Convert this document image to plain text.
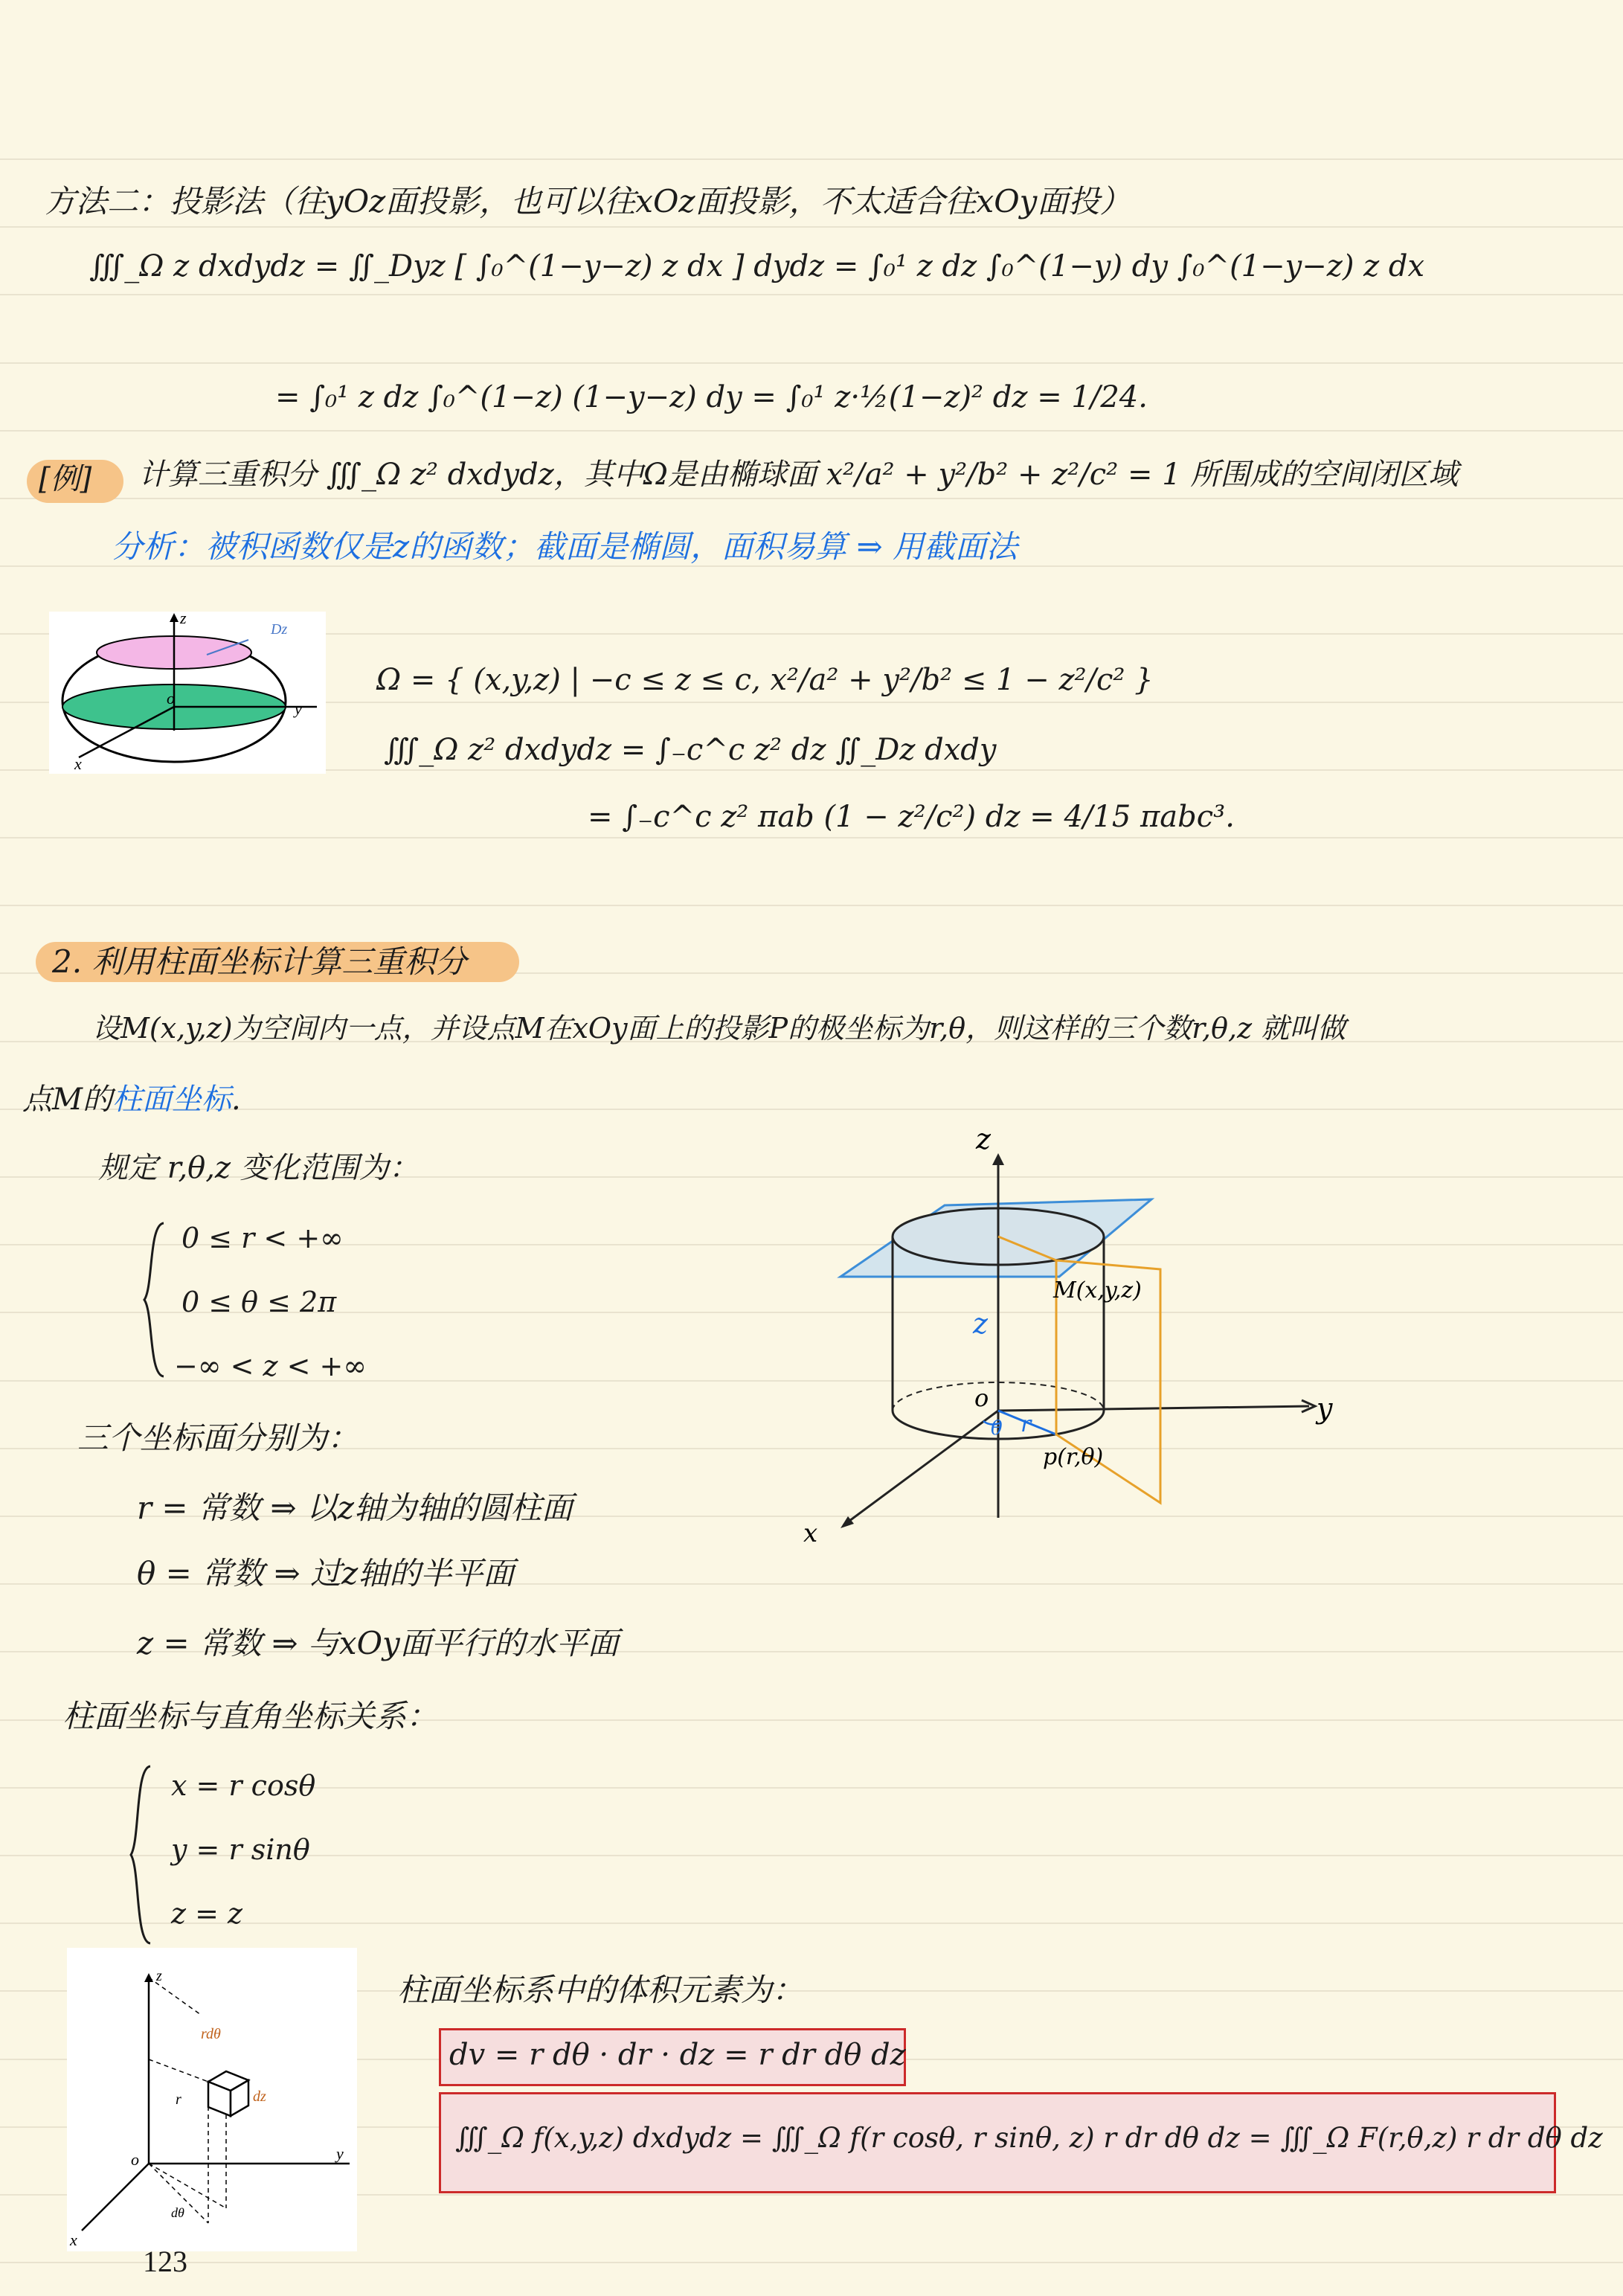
方法二：投影法（往yOz面投影，也可以往xOz面投影，不太适合往xOy面投）
∭_Ω z dxdydz = ∬_Dyz [ ∫₀^(1−y−z) z dx ] dydz = ∫₀¹ z dz ∫₀^(1−y) dy ∫₀^(1−y−z) z dx
= ∫₀¹ z dz ∫₀^(1−z) (1−y−z) dy = ∫₀¹ z·½(1−z)² dz = 1/24.
[例] 计算三重积分 ∭_Ω z² dxdydz，其中Ω是由椭球面 x²/a² + y²/b² + z²/c² = 1 所围成的空间闭区域
分析：被积函数仅是z的函数；截面是椭圆，面积易算 ⇒ 用截面法
z
Dz
o
y
x
Ω = { (x,y,z) | −c ≤ z ≤ c, x²/a² + y²/b² ≤ 1 − z²/c² }
∭_Ω z² dxdydz = ∫₋c^c z² dz ∬_Dz dxdy
= ∫₋c^c z² πab (1 − z²/c²) dz = 4/15 πabc³.
2. 利用柱面坐标计算三重积分
设M(x,y,z)为空间内一点，并设点M在xOy面上的投影P的极坐标为r,θ，则这样的三个数r,θ,z 就叫做
点M的柱面坐标.
规定 r,θ,z 变化范围为：
0 ≤ r < +∞
0 ≤ θ ≤ 2π
−∞ < z < +∞
三个坐标面分别为：
r = 常数 ⇒ 以z轴为轴的圆柱面
θ = 常数 ⇒ 过z轴的半平面
z = 常数 ⇒ 与xOy面平行的水平面
z
y
x
o
M(x,y,z)
z
θ r
p(r,θ)
柱面坐标与直角坐标关系：
x = r cosθ
y = r sinθ
z = z
z
y
x
o
rdθ
dz
r
dθ
柱面坐标系中的体积元素为：
dv = r dθ · dr · dz = r dr dθ dz
∭_Ω f(x,y,z) dxdydz = ∭_Ω f(r cosθ, r sinθ, z) r dr dθ dz = ∭_Ω F(r,θ,z) r dr dθ dz
123
